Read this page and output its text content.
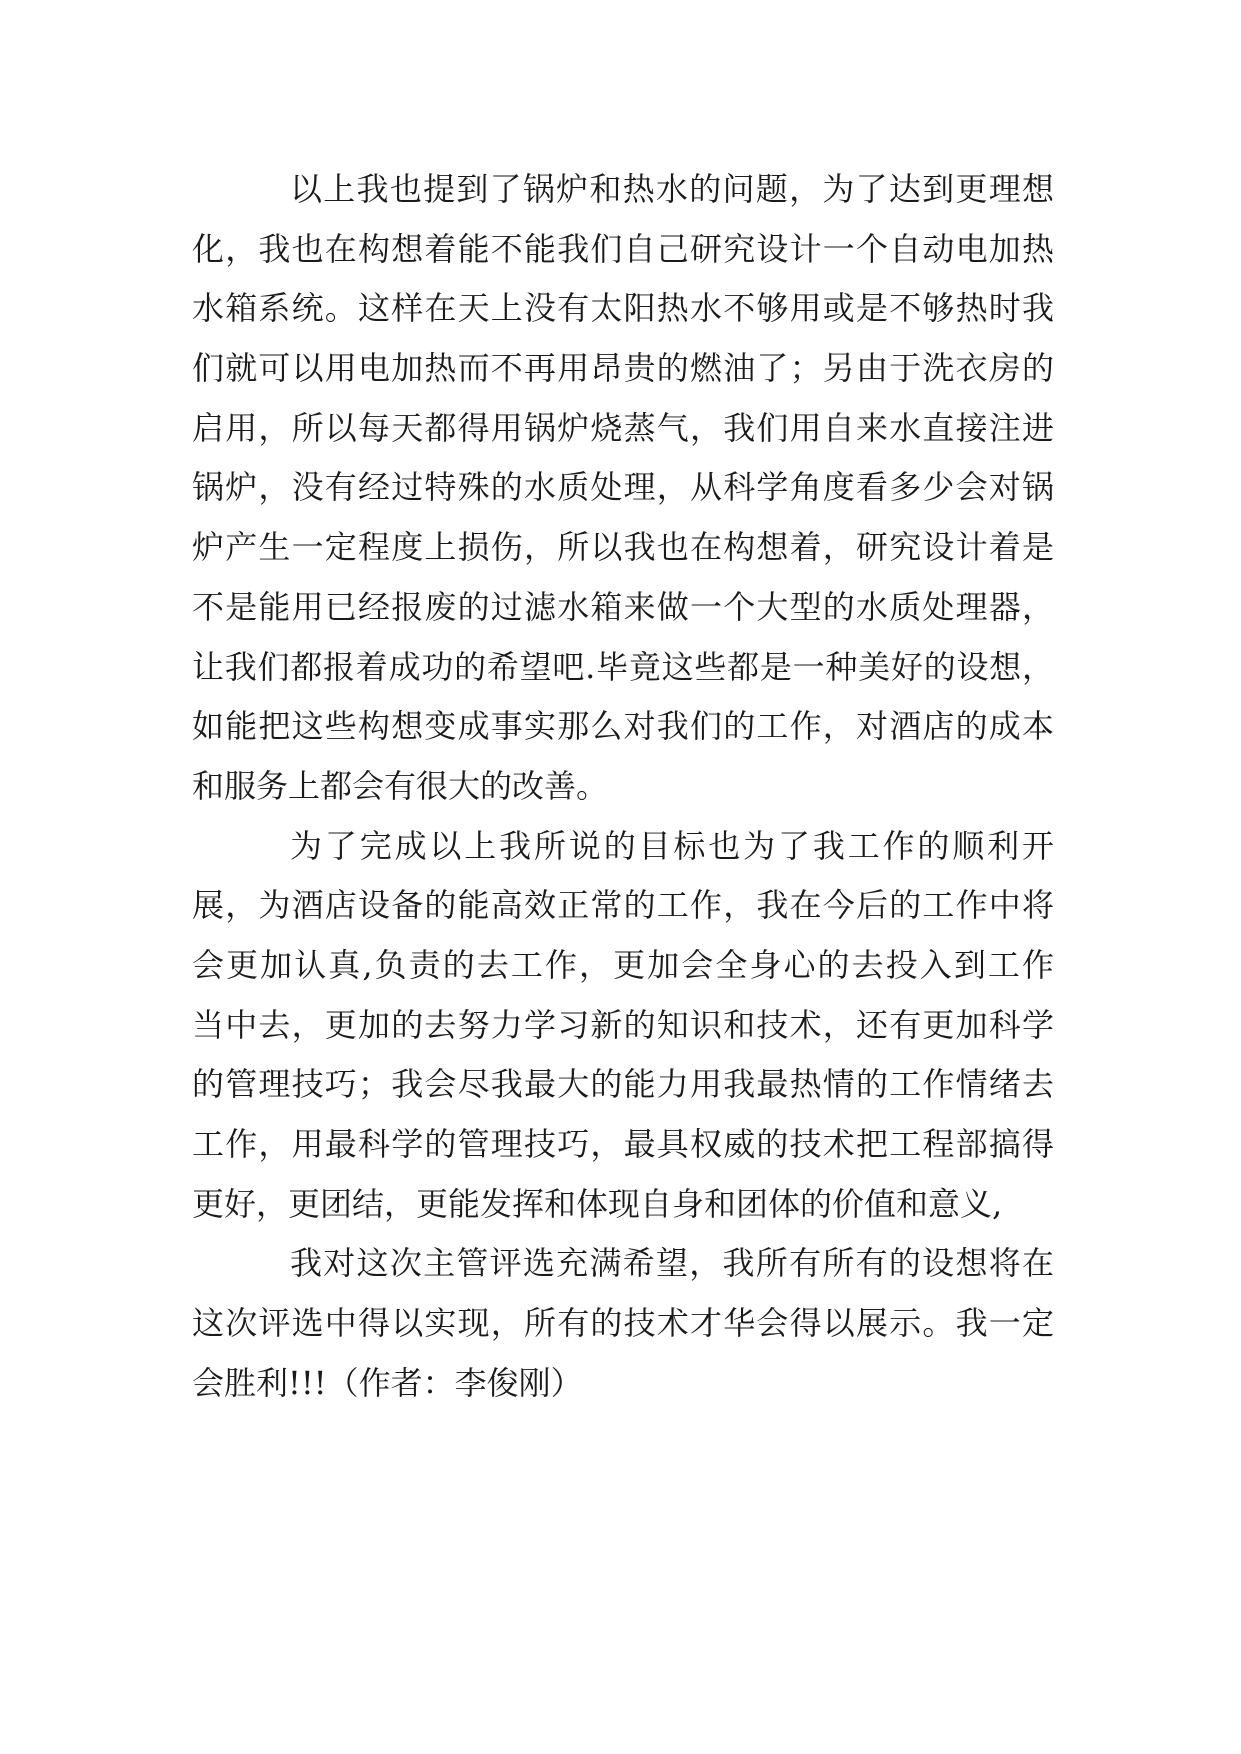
以上我也提到了锅炉和热水的问题，为了达到更理想
化，我也在构想着能不能我们自己研究设计一个自动电加热
水箱系统。这样在天上没有太阳热水不够用或是不够热时我
们就可以用电加热而不再用昂贵的燃油了；另由于洗衣房的
启用，所以每天都得用锅炉烧蒸气，我们用自来水直接注进
锅炉，没有经过特殊的水质处理，从科学角度看多少会对锅
炉产生一定程度上损伤，所以我也在构想着，研究设计着是
不是能用已经报废的过滤水箱来做一个大型的水质处理器，
让我们都报着成功的希望吧.毕竟这些都是一种美好的设想，
如能把这些构想变成事实那么对我们的工作，对酒店的成本
和服务上都会有很大的改善。
为了完成以上我所说的目标也为了我工作的顺利开
展，为酒店设备的能高效正常的工作，我在今后的工作中将
会更加认真,负责的去工作，更加会全身心的去投入到工作
当中去，更加的去努力学习新的知识和技术，还有更加科学
的管理技巧；我会尽我最大的能力用我最热情的工作情绪去
工作，用最科学的管理技巧，最具权威的技术把工程部搞得
更好，更团结，更能发挥和体现自身和团体的价值和意义,
我对这次主管评选充满希望，我所有所有的设想将在
这次评选中得以实现，所有的技术才华会得以展示。我一定
会胜利!!!（作者：李俊刚）
